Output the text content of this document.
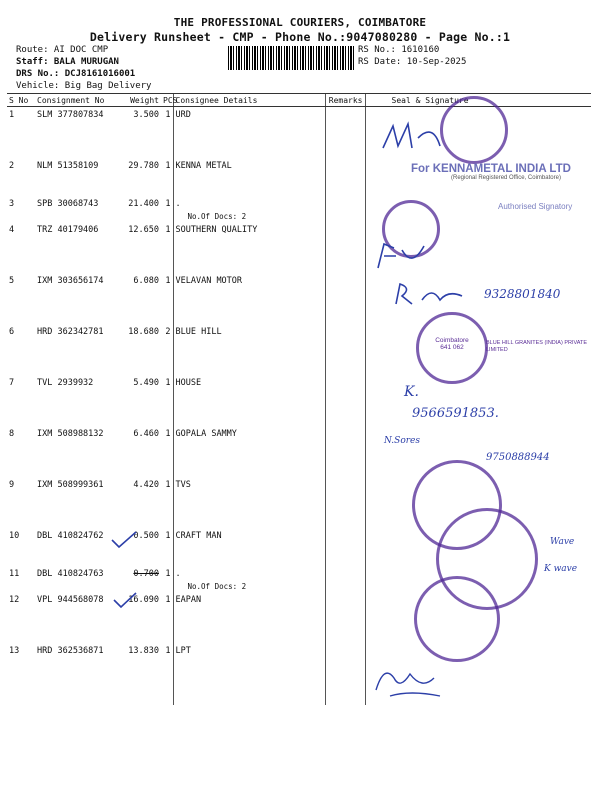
THE PROFESSIONAL COURIERS, COIMBATORE
Delivery Runsheet - CMP - Phone No.:9047080280 - Page No.:1
Route: AI DOC CMP
Staff: BALA MURUGAN
DRS No.: DCJ8161016001
Vehicle: Big Bag Delivery
RS No.: 1610160
RS Date: 10-Sep-2025
S No	Consignment No	Weight	PCS	Consignee Details	Remarks	Seal & Signature
1	SLM 377807834	3.500	1	URD		
2	NLM 51358109	29.780	1	KENNA METAL		
3	SPB 30068743	21.400	1	.
No.Of Docs: 2		

4	TRZ 40179406	12.650	1	SOUTHERN QUALITY		
5	IXM 303656174	6.080	1	VELAVAN MOTOR		
6	HRD 362342781	18.680	2	BLUE HILL		
7	TVL 2939932	5.490	1	HOUSE		
8	IXM 508988132	6.460	1	GOPALA SAMMY		
9	IXM 508999361	4.420	1	TVS		
10	DBL 410824762	0.500	1	CRAFT MAN		
11	DBL 410824763	0.700	1	.
No.Of Docs: 2		

12	VPL 944568078	16.090	1	EAPAN		
13	HRD 362536871	13.830	1	LPT		
For KENNAMETAL INDIA LTD
(Regional Registered Office, Coimbatore)
Authorised Signatory
9328801840
Coimbatore
641 062
BLUE HILL GRANITES (INDIA) PRIVATE LIMITED
K.
9566591853.
N.Sores
9750888944
Wave
K wave
